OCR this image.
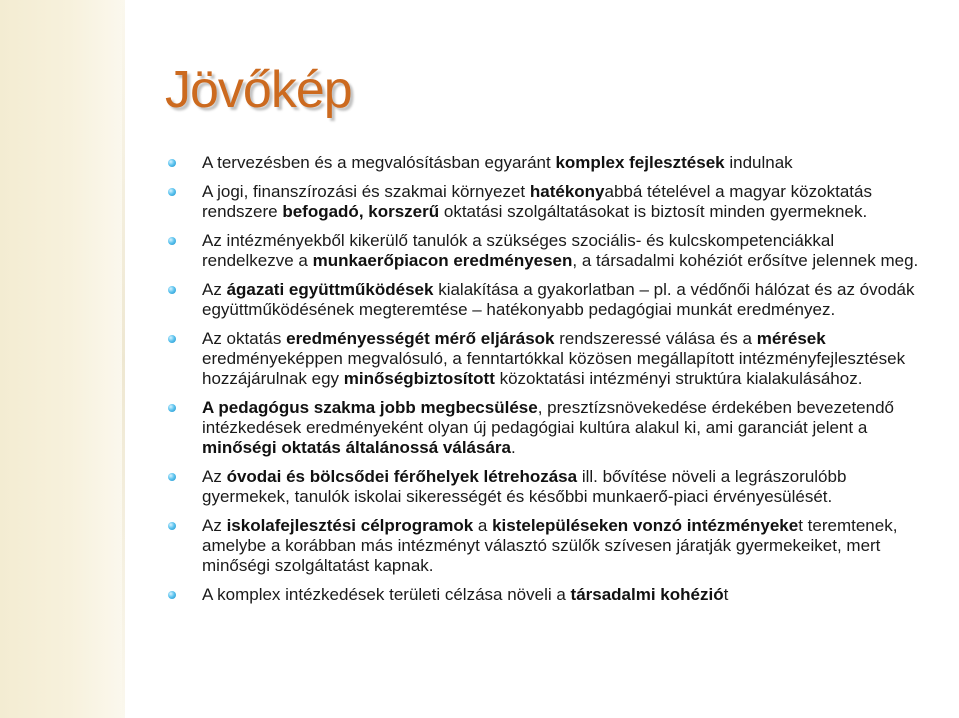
Jövőkép
A tervezésben és a megvalósításban egyaránt komplex fejlesztések indulnak
A jogi, finanszírozási és szakmai környezet hatékonyabbá tételével a magyar közoktatás rendszere befogadó, korszerű oktatási szolgáltatásokat is biztosít minden gyermeknek.
Az intézményekből kikerülő tanulók a szükséges szociális- és kulcskompetenciákkal rendelkezve a munkaerőpiacon eredményesen, a társadalmi kohéziót erősítve jelennek meg.
Az ágazati együttműködések kialakítása a gyakorlatban – pl. a védőnői hálózat és az óvodák együttműködésének megteremtése – hatékonyabb pedagógiai munkát eredményez.
Az oktatás eredményességét mérő eljárások rendszeressé válása és a mérések eredményeképpen megvalósuló, a fenntartókkal közösen megállapított intézményfejlesztések hozzájárulnak egy minőségbiztosított közoktatási intézményi struktúra kialakulásához.
A pedagógus szakma jobb megbecsülése, presztízsnövekedése érdekében bevezetendő intézkedések eredményeként olyan új pedagógiai kultúra alakul ki, ami garanciát jelent a minőségi oktatás általánossá válására.
Az óvodai és bölcsődei férőhelyek létrehozása ill. bővítése növeli a legrászorulóbb gyermekek, tanulók iskolai sikerességét és későbbi munkaerő-piaci érvényesülését.
Az iskolafejlesztési célprogramok a kistelepüléseken vonzó intézményeket teremtenek, amelybe a korábban más intézményt választó szülők szívesen járatják gyermekeiket, mert minőségi szolgáltatást kapnak.
A komplex intézkedések területi célzása növeli a társadalmi kohéziót
